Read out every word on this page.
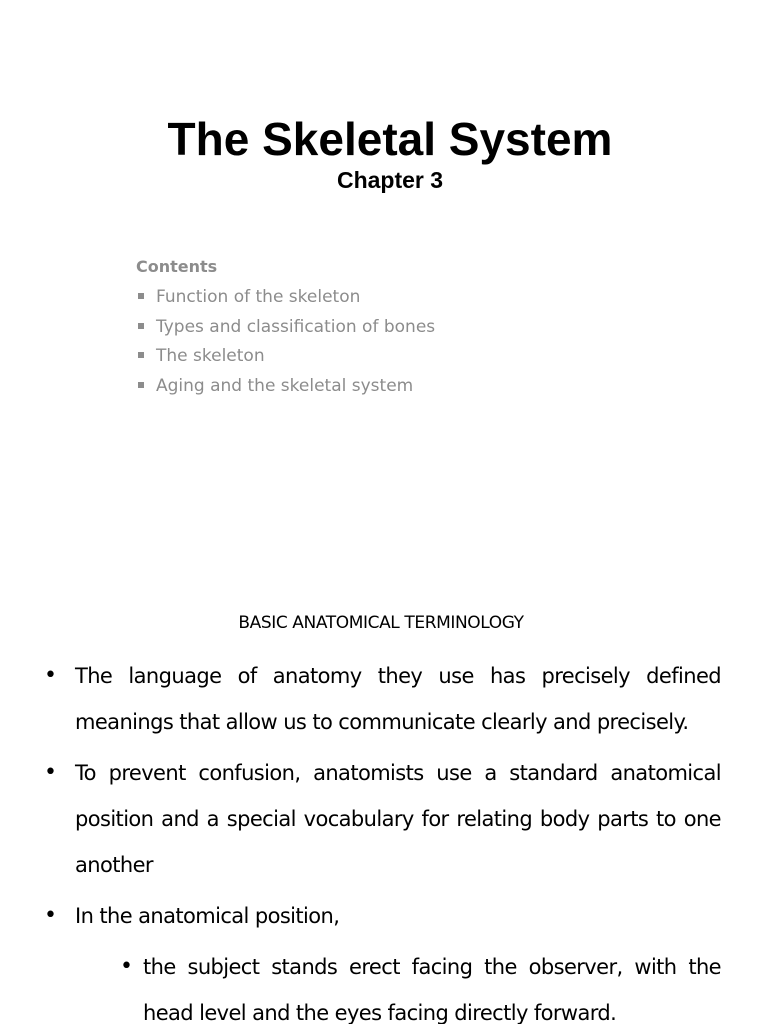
The Skeletal System
Chapter 3
Contents
Function of the skeleton
Types and classification of bones
The skeleton
Aging and the skeletal system
BASIC ANATOMICAL TERMINOLOGY
• The language of anatomy they use has precisely defined meanings that allow us to communicate clearly and precisely.
• To prevent confusion, anatomists use a standard anatomical position and a special vocabulary for relating body parts to one another
• In the anatomical position,
• the subject stands erect facing the observer, with the head level and the eyes facing directly forward.
